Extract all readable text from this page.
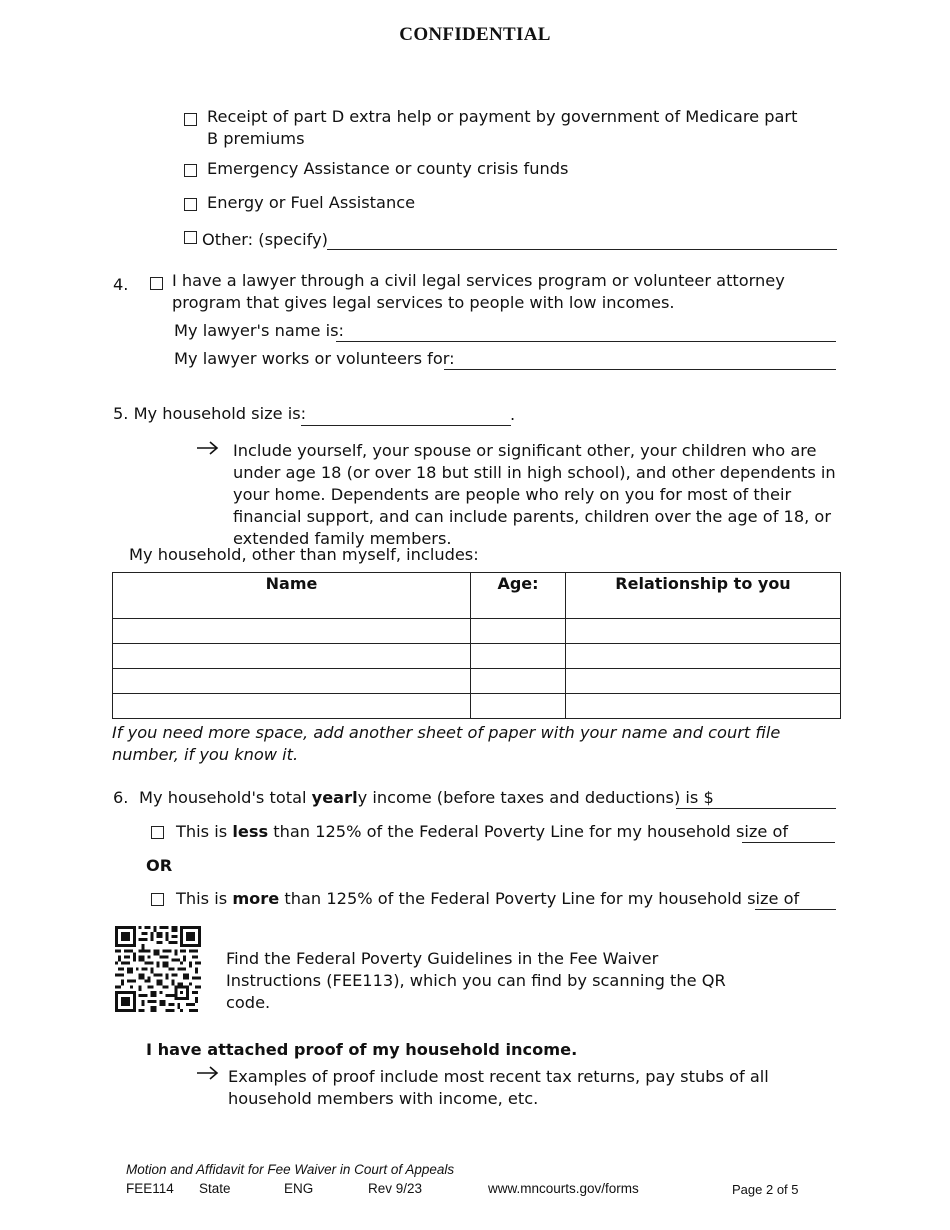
CONFIDENTIAL
Receipt of part D extra help or payment by government of Medicare part B premiums
Emergency Assistance or county crisis funds
Energy or Fuel Assistance
Other: (specify)
4.	I have a lawyer through a civil legal services program or volunteer attorney program that gives legal services to people with low incomes.
My lawyer's name is:
My lawyer works or volunteers for:
5. My household size is:	.
Include yourself, your spouse or significant other, your children who are under age 18 (or over 18 but still in high school), and other dependents in your home. Dependents are people who rely on you for most of their financial support, and can include parents, children over the age of 18, or extended family members.
My household, other than myself, includes:
Name	Age:	Relationship to you

If you need more space, add another sheet of paper with your name and court file number, if you know it.
6. My household's total yearly income (before taxes and deductions) is $
This is less than 125% of the Federal Poverty Line for my household size of
OR
This is more than 125% of the Federal Poverty Line for my household size of
Find the Federal Poverty Guidelines in the Fee Waiver Instructions (FEE113), which you can find by scanning the QR code.
I have attached proof of my household income.
Examples of proof include most recent tax returns, pay stubs of all household members with income, etc.
Motion and Affidavit for Fee Waiver in Court of Appeals
FEE114 State	ENG	Rev 9/23	www.mncourts.gov/forms	Page 2 of 5
